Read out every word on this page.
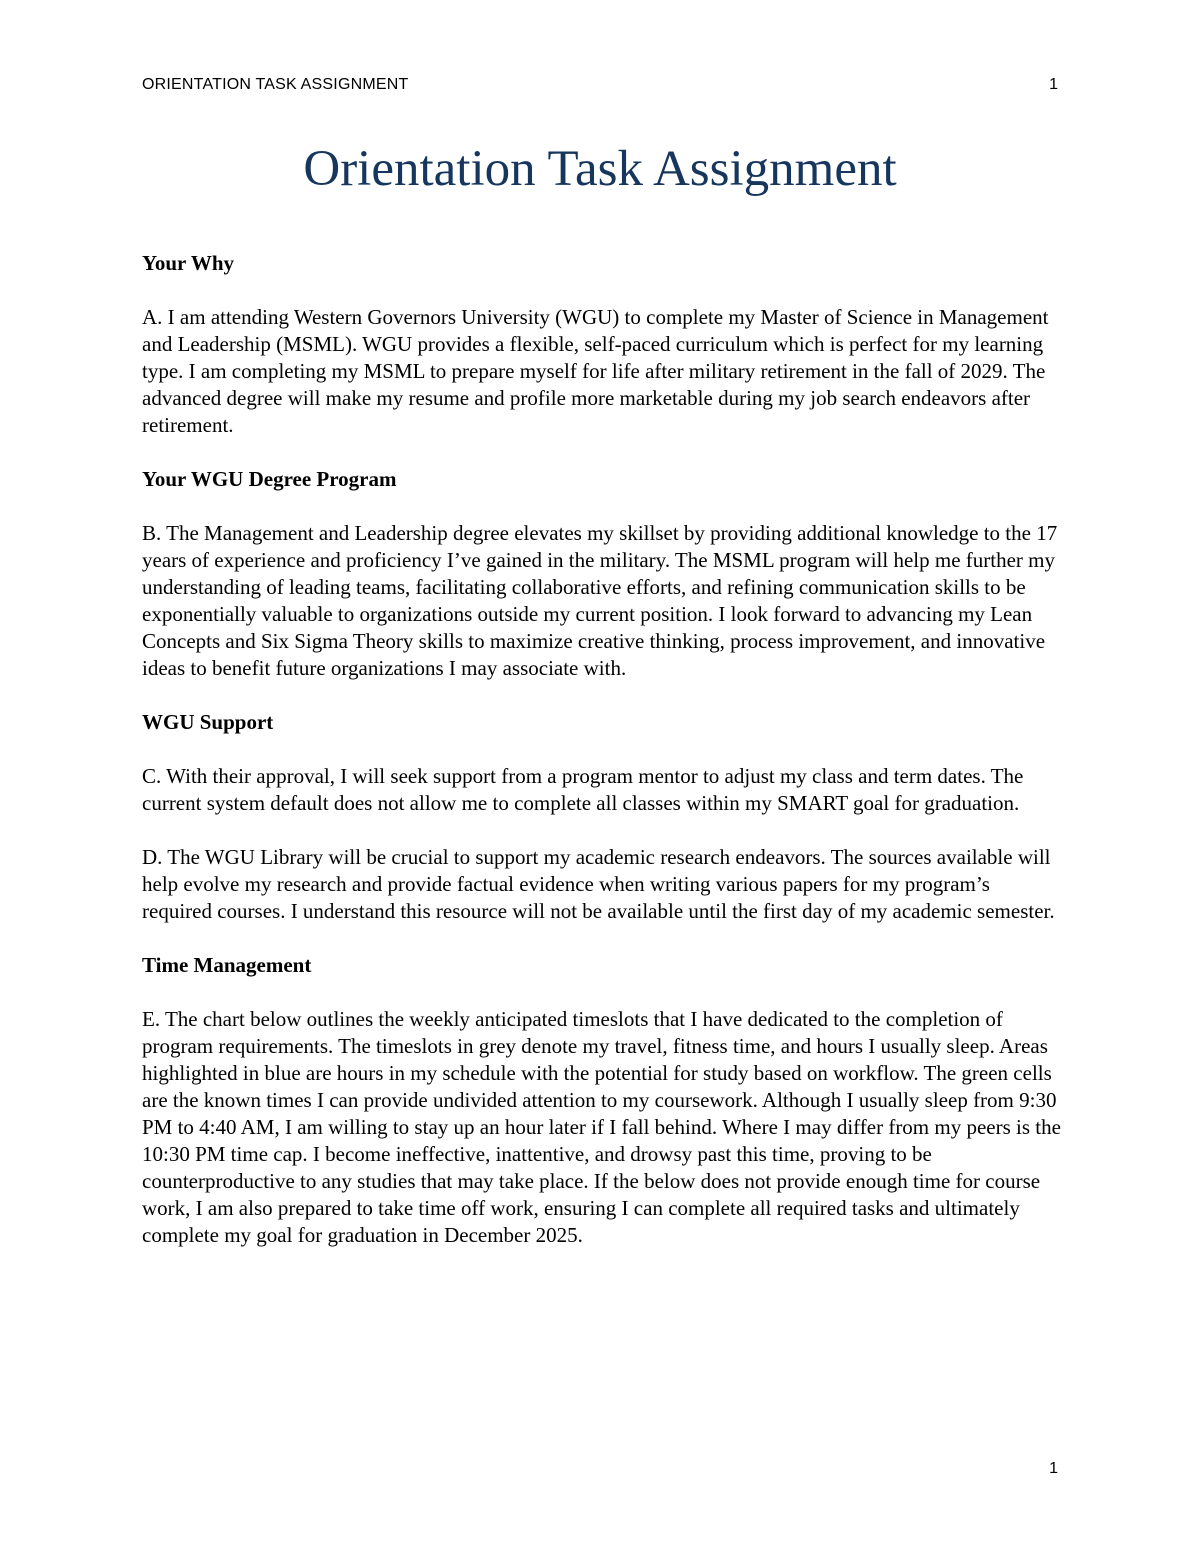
ORIENTATION TASK ASSIGNMENT	1
Orientation Task Assignment
Your Why

A. I am attending Western Governors University (WGU) to complete my Master of Science in Management and Leadership (MSML). WGU provides a flexible, self-paced curriculum which is perfect for my learning type. I am completing my MSML to prepare myself for life after military retirement in the fall of 2029. The advanced degree will make my resume and profile more marketable during my job search endeavors after retirement.

Your WGU Degree Program

B. The Management and Leadership degree elevates my skillset by providing additional knowledge to the 17 years of experience and proficiency I’ve gained in the military. The MSML program will help me further my understanding of leading teams, facilitating collaborative efforts, and refining communication skills to be exponentially valuable to organizations outside my current position. I look forward to advancing my Lean Concepts and Six Sigma Theory skills to maximize creative thinking, process improvement, and innovative ideas to benefit future organizations I may associate with.

WGU Support

C. With their approval, I will seek support from a program mentor to adjust my class and term dates. The current system default does not allow me to complete all classes within my SMART goal for graduation.

D. The WGU Library will be crucial to support my academic research endeavors. The sources available will help evolve my research and provide factual evidence when writing various papers for my program’s required courses. I understand this resource will not be available until the first day of my academic semester.

Time Management

E. The chart below outlines the weekly anticipated timeslots that I have dedicated to the completion of program requirements. The timeslots in grey denote my travel, fitness time, and hours I usually sleep. Areas highlighted in blue are hours in my schedule with the potential for study based on workflow. The green cells are the known times I can provide undivided attention to my coursework. Although I usually sleep from 9:30 PM to 4:40 AM, I am willing to stay up an hour later if I fall behind. Where I may differ from my peers is the 10:30 PM time cap. I become ineffective, inattentive, and drowsy past this time, proving to be counterproductive to any studies that may take place. If the below does not provide enough time for course work, I am also prepared to take time off work, ensuring I can complete all required tasks and ultimately complete my goal for graduation in December 2025.

1
